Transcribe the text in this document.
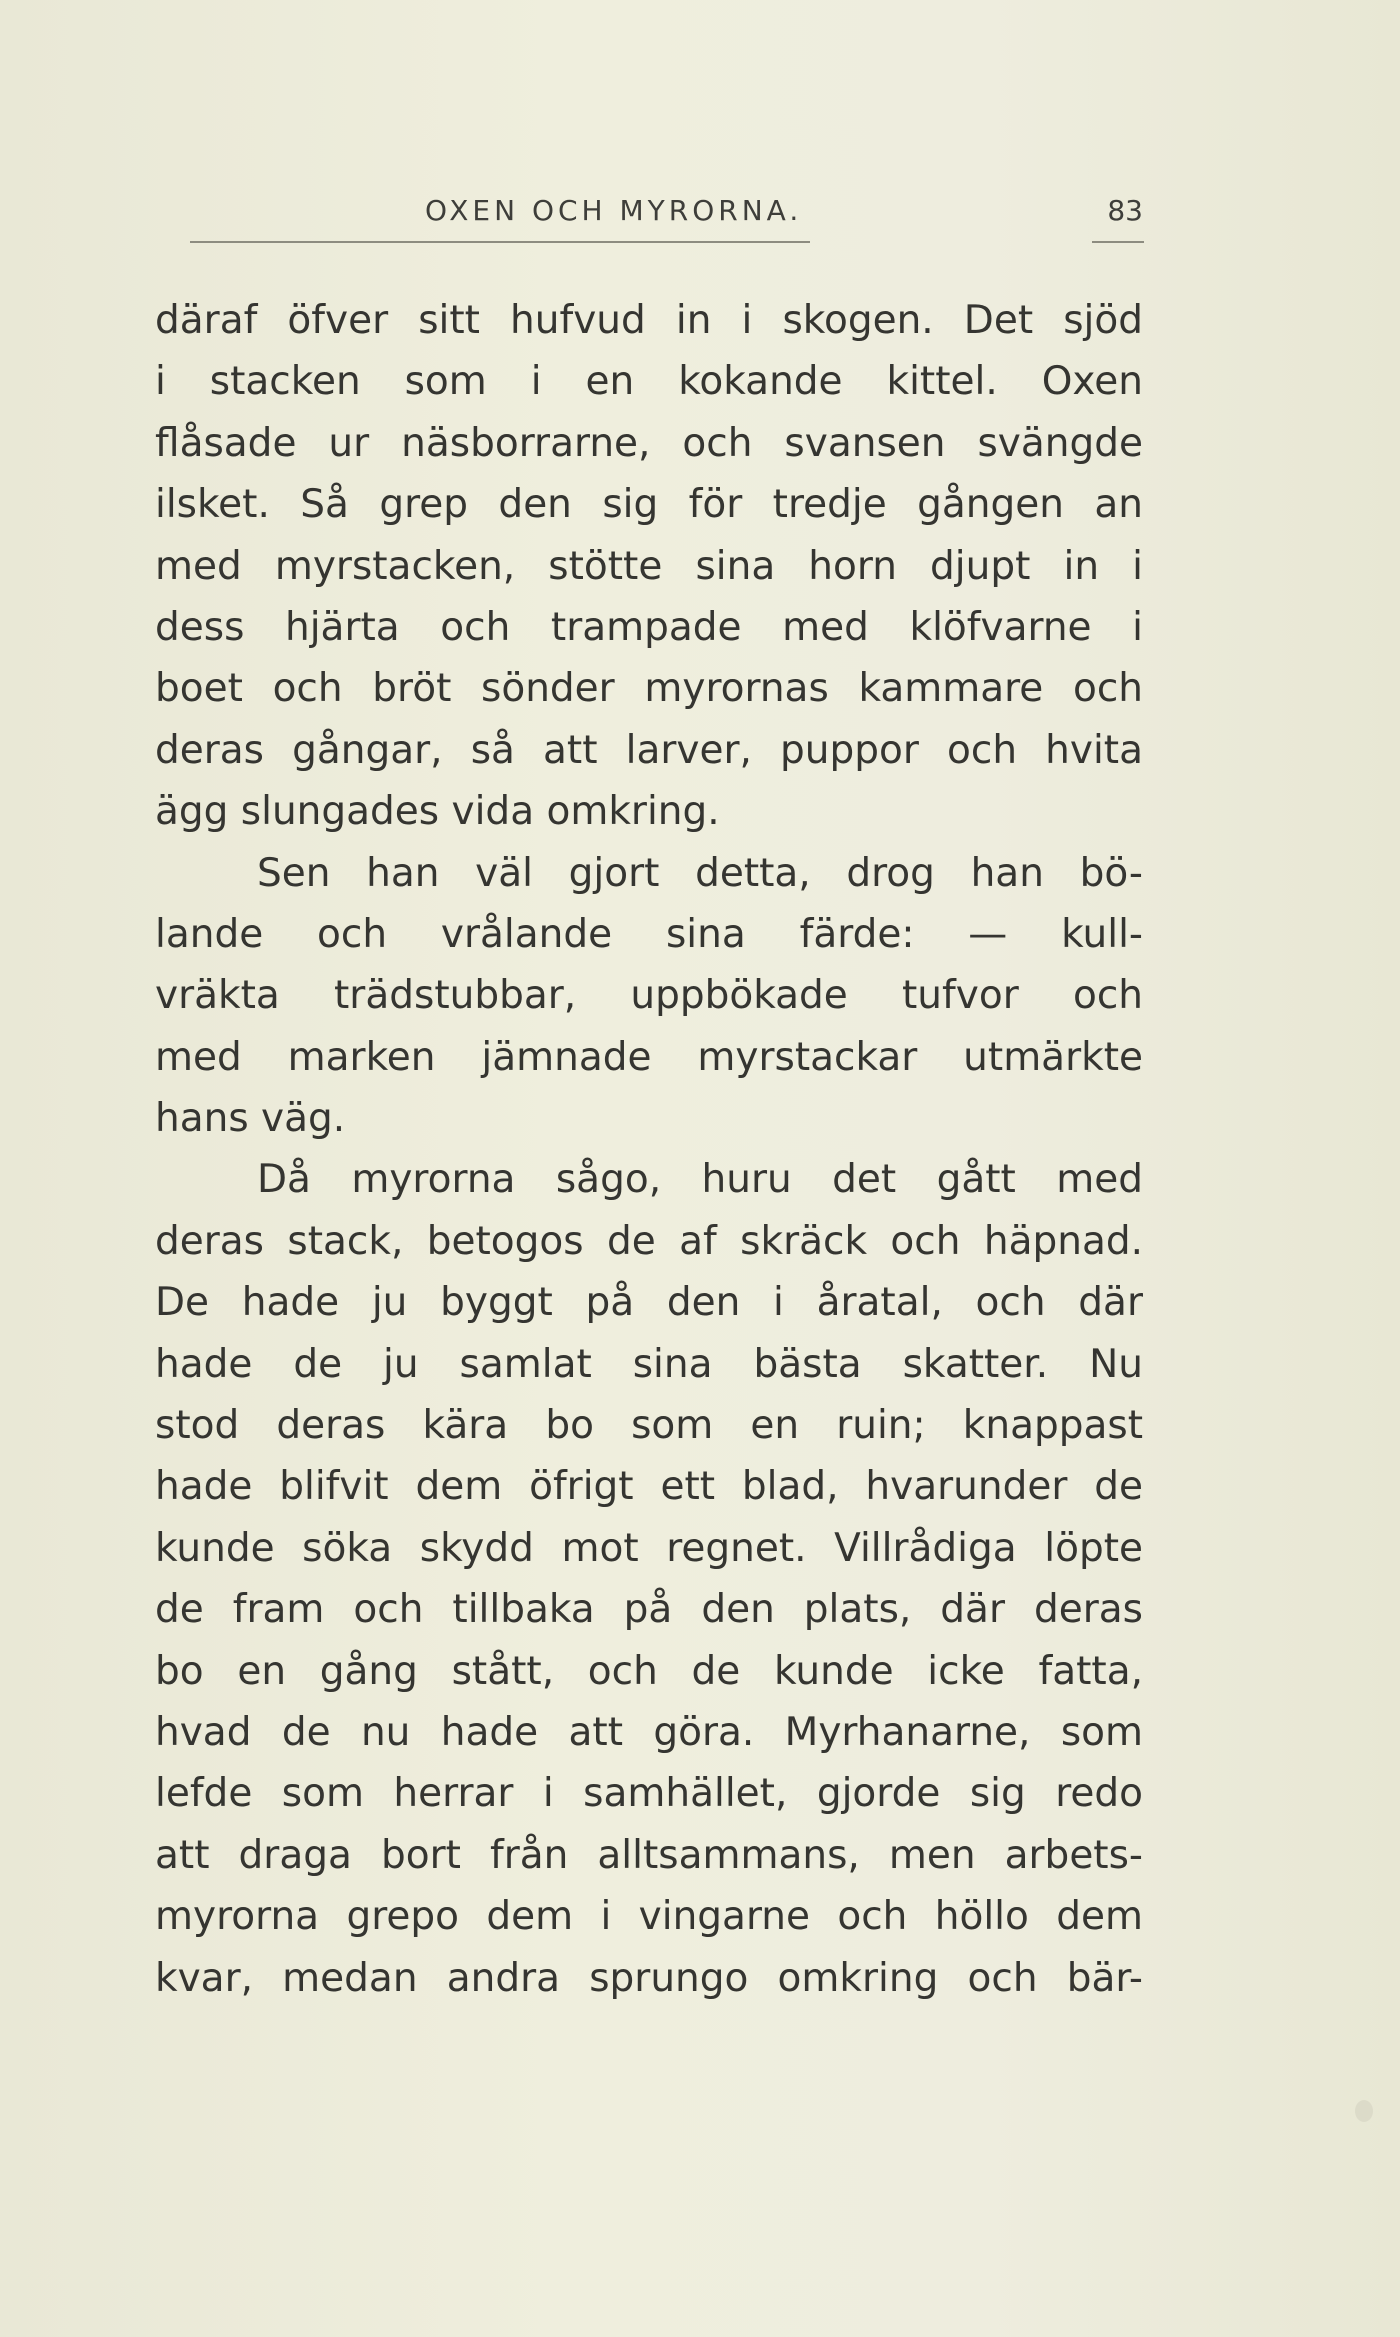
OXEN OCH MYRORNA.	83
däraf öfver sitt hufvud in i skogen. Det sjöd
i stacken som i en kokande kittel. Oxen
flåsade ur näsborrarne, och svansen svängde
ilsket. Så grep den sig för tredje gången an
med myrstacken, stötte sina horn djupt in i
dess hjärta och trampade med klöfvarne i
boet och bröt sönder myrornas kammare och
deras gångar, så att larver, puppor och hvita
ägg slungades vida omkring.
Sen han väl gjort detta, drog han bö-
lande och vrålande sina färde: — kull-
vräkta trädstubbar, uppbökade tufvor och
med marken jämnade myrstackar utmärkte
hans väg.
Då myrorna sågo, huru det gått med
deras stack, betogos de af skräck och häpnad.
De hade ju byggt på den i åratal, och där
hade de ju samlat sina bästa skatter. Nu
stod deras kära bo som en ruin; knappast
hade blifvit dem öfrigt ett blad, hvarunder de
kunde söka skydd mot regnet. Villrådiga löpte
de fram och tillbaka på den plats, där deras
bo en gång stått, och de kunde icke fatta,
hvad de nu hade att göra. Myrhanarne, som
lefde som herrar i samhället, gjorde sig redo
att draga bort från alltsammans, men arbets-
myrorna grepo dem i vingarne och höllo dem
kvar, medan andra sprungo omkring och bär-
